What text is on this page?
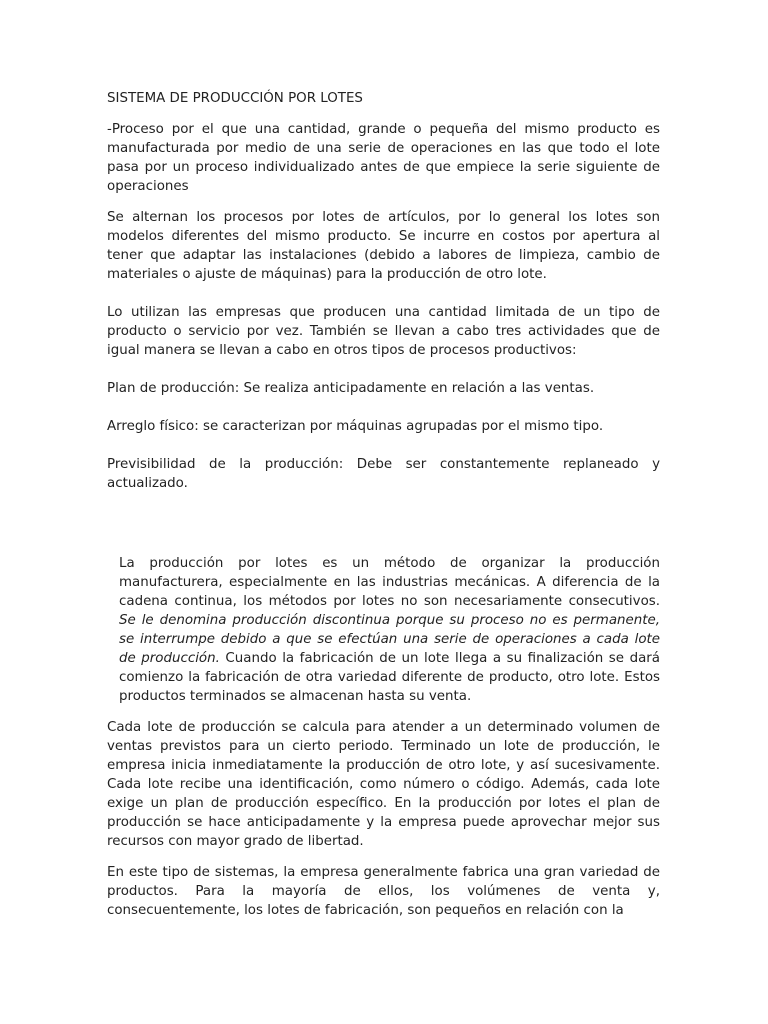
SISTEMA DE PRODUCCIÓN POR LOTES

-Proceso por el que una cantidad, grande o pequeña del mismo producto es manufacturada por medio de una serie de operaciones en las que todo el lote pasa por un proceso individualizado antes de que empiece la serie siguiente de operaciones

Se alternan los procesos por lotes de artículos, por lo general los lotes son modelos diferentes del mismo producto. Se incurre en costos por apertura al tener que adaptar las instalaciones (debido a labores de limpieza, cambio de materiales o ajuste de máquinas) para la producción de otro lote.

Lo utilizan las empresas que producen una cantidad limitada de un tipo de producto o servicio por vez. También se llevan a cabo tres actividades que de igual manera se llevan a cabo en otros tipos de procesos productivos:

Plan de producción: Se realiza anticipadamente en relación a las ventas.

Arreglo físico: se caracterizan por máquinas agrupadas por el mismo tipo.

Previsibilidad de la producción: Debe ser constantemente replaneado y actualizado.

La producción por lotes es un método de organizar la producción manufacturera, especialmente en las industrias mecánicas. A diferencia de la cadena continua, los métodos por lotes no son necesariamente consecutivos. Se le denomina producción discontinua porque su proceso no es permanente, se interrumpe debido a que se efectúan una serie de operaciones a cada lote de producción. Cuando la fabricación de un lote llega a su finalización se dará comienzo la fabricación de otra variedad diferente de producto, otro lote. Estos productos terminados se almacenan hasta su venta.

Cada lote de producción se calcula para atender a un determinado volumen de ventas previstos para un cierto periodo. Terminado un lote de producción, le empresa inicia inmediatamente la producción de otro lote, y así sucesivamente. Cada lote recibe una identificación, como número o código. Además, cada lote exige un plan de producción específico. En la producción por lotes el plan de producción se hace anticipadamente y la empresa puede aprovechar mejor sus recursos con mayor grado de libertad.

En este tipo de sistemas, la empresa generalmente fabrica una gran variedad de productos. Para la mayoría de ellos, los volúmenes de venta y, consecuentemente, los lotes de fabricación, son pequeños en relación con la
